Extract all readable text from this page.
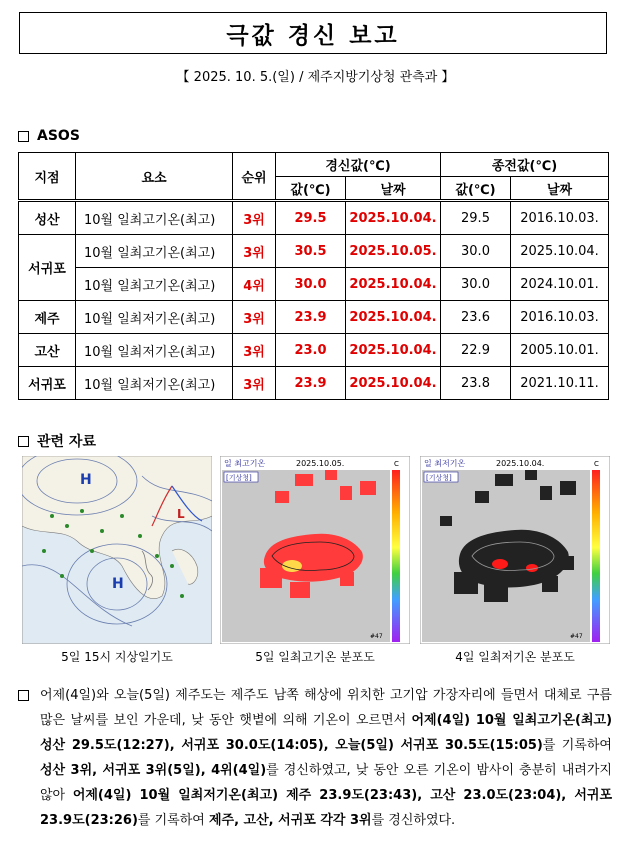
극값 경신 보고
【 2025. 10. 5.(일) / 제주지방기상청 관측과 】
ASOS
지점	요소	순위	경신값(℃)		종전값(℃)	
			값(℃)	날짜	값(℃)	날짜
성산	10월 일최고기온(최고)	3위	29.5	2025.10.04.	29.5	2016.10.03.
서귀포	10월 일최고기온(최고)	3위	30.5	2025.10.05.	30.0	2025.10.04.
	10월 일최고기온(최고)	4위	30.0	2025.10.04.	30.0	2024.10.01.
제주	10월 일최저기온(최고)	3위	23.9	2025.10.04.	23.6	2016.10.03.
고산	10월 일최저기온(최고)	3위	23.0	2025.10.04.	22.9	2005.10.01.
서귀포	10월 일최저기온(최고)	3위	23.9	2025.10.04.	23.8	2021.10.11.
관련 자료
H
H
L
일 최고기온	2025.10.05.	C
[기상청]
#47
일 최저기온	2025.10.04.	C
[기상청]
#47
5일 15시 지상일기도	5일 일최고기온 분포도	4일 일최저기온 분포도

어제(4일)와 오늘(5일) 제주도는 제주도 남쪽 해상에 위치한 고기압 가장자리에 들면서 대체로 구름많은 날씨를 보인 가운데, 낮 동안 햇볕에 의해 기온이 오르면서 어제(4일) 10월 일최고기온(최고) 성산 29.5도(12:27), 서귀포 30.0도(14:05), 오늘(5일) 서귀포 30.5도(15:05)를 기록하여 성산 3위, 서귀포 3위(5일), 4위(4일)를 경신하였고, 낮 동안 오른 기온이 밤사이 충분히 내려가지 않아 어제(4일) 10월 일최저기온(최고) 제주 23.9도(23:43), 고산 23.0도(23:04), 서귀포 23.9도(23:26)를 기록하여 제주, 고산, 서귀포 각각 3위를 경신하였다.
